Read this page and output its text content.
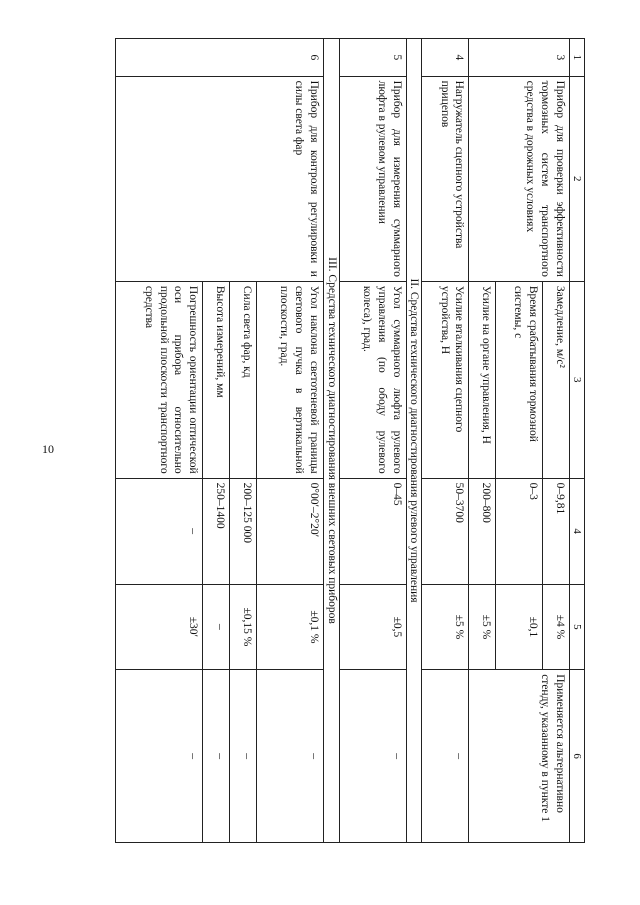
10
1	2	3	4	5	6
3	Прибор для проверки эффективности тормозных систем транспортного средства в дорожных условиях	Замедление, м/с²	0–9,81	±4 %	Применяется альтернативно стенду, указанному в пункте 1
		Время срабатывания тормозной системы, с	0–3	±0,1	
		Усилие на органе управления, Н	200–800	±5 %	
4	Нагружатель сцепного устройства прицепов	Усилие вталкивания сцепного устройства, Н	50–3700	±5 %	–
II. Средства технического диагностирования рулевого управления					
5	Прибор для измерения суммарного люфта в рулевом управлении	Угол суммарного люфта рулевого управления (по ободу рулевого колеса), град.	0–45	±0,5	–
III. Средства технического диагностирования внешних световых приборов					
6	Прибор для контроля регулировки и силы света фар	Угол наклона светотеневой границы светового пучка в вертикальной плоскости, град.	0°00′–2°20′	±0,1 %	–
		Сила света фар, кд	200–125 000	±0,15 %	–
		Высота измерений, мм	250–1400	–	–
		Погрешность ориентации оптической оси прибора относительно продольной плоскости транспортного средства	–	±30′	–
